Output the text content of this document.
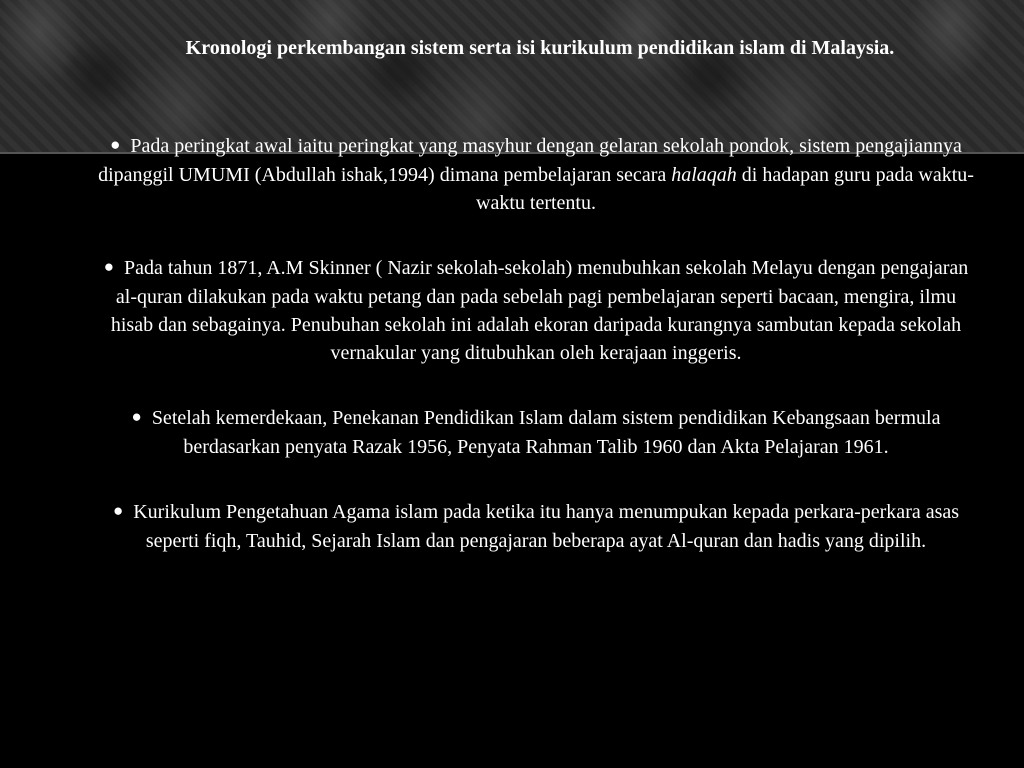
Kronologi perkembangan sistem serta isi kurikulum pendidikan islam di Malaysia.

● Pada peringkat awal iaitu peringkat yang masyhur dengan gelaran sekolah pondok, sistem pengajiannya dipanggil UMUMI (Abdullah ishak,1994) dimana pembelajaran secara halaqah di hadapan guru pada waktu-waktu tertentu.

● Pada tahun 1871, A.M Skinner ( Nazir sekolah-sekolah) menubuhkan sekolah Melayu dengan pengajaran al-quran dilakukan pada waktu petang dan pada sebelah pagi pembelajaran seperti bacaan, mengira, ilmu hisab dan sebagainya. Penubuhan sekolah ini adalah ekoran daripada kurangnya sambutan kepada sekolah vernakular yang ditubuhkan oleh kerajaan inggeris.

● Setelah kemerdekaan, Penekanan Pendidikan Islam dalam sistem pendidikan Kebangsaan bermula berdasarkan penyata Razak 1956, Penyata Rahman Talib 1960 dan Akta Pelajaran 1961.

● Kurikulum Pengetahuan Agama islam pada ketika itu hanya menumpukan kepada perkara-perkara asas seperti fiqh, Tauhid, Sejarah Islam dan pengajaran beberapa ayat Al-quran dan hadis yang dipilih.
